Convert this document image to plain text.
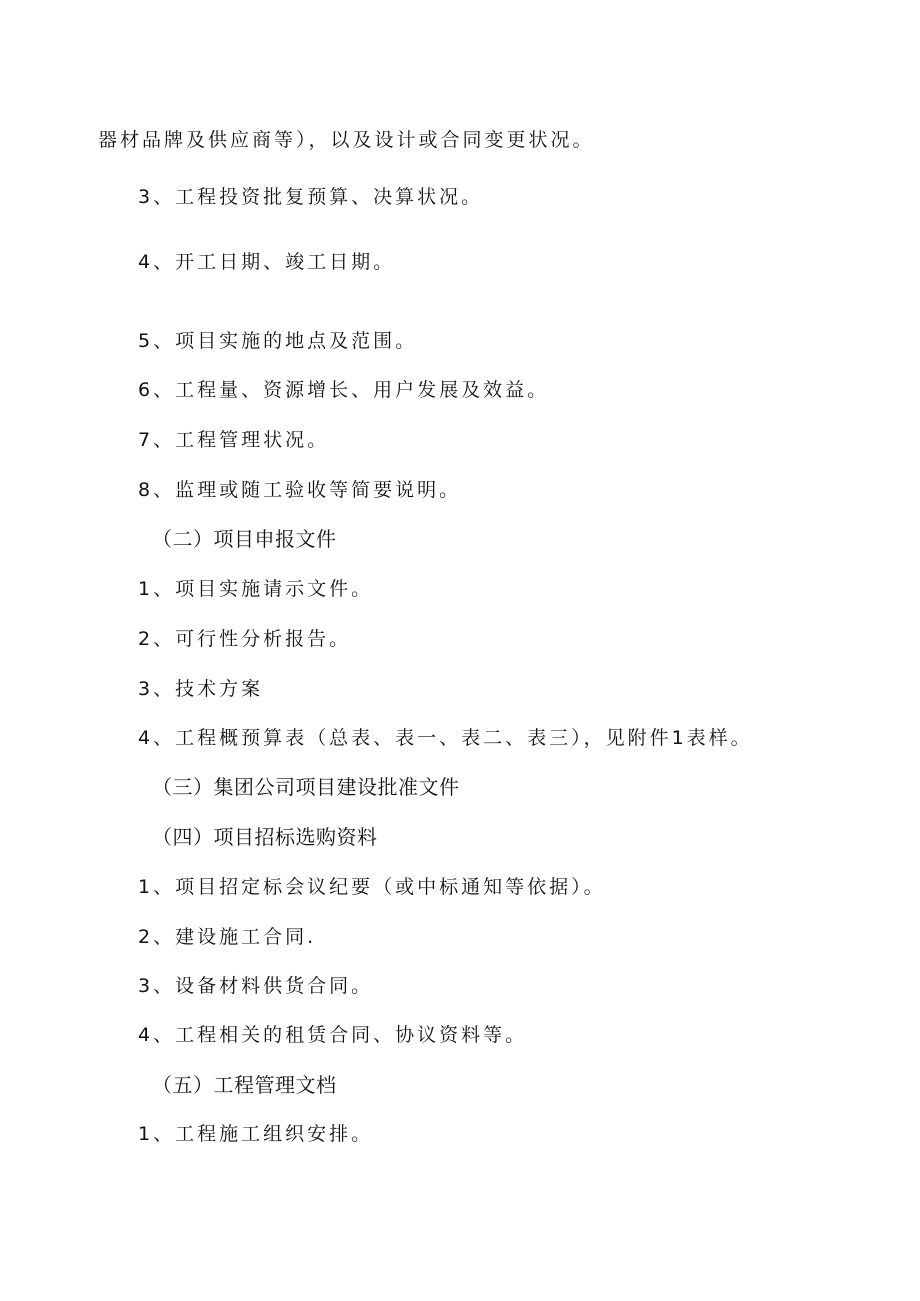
器材品牌及供应商等），以及设计或合同变更状况。
3、工程投资批复预算、决算状况。
4、开工日期、竣工日期。
5、项目实施的地点及范围。
6、工程量、资源增长、用户发展及效益。
7、工程管理状况。
8、监理或随工验收等简要说明。
（二）项目申报文件
1、项目实施请示文件。
2、可行性分析报告。
3、技术方案
4、工程概预算表（总表、表一、表二、表三），见附件1表样。
（三）集团公司项目建设批准文件
（四）项目招标选购资料
1、项目招定标会议纪要（或中标通知等依据）。
2、建设施工合同.
3、设备材料供货合同。
4、工程相关的租赁合同、协议资料等。
（五）工程管理文档
1、工程施工组织安排。
